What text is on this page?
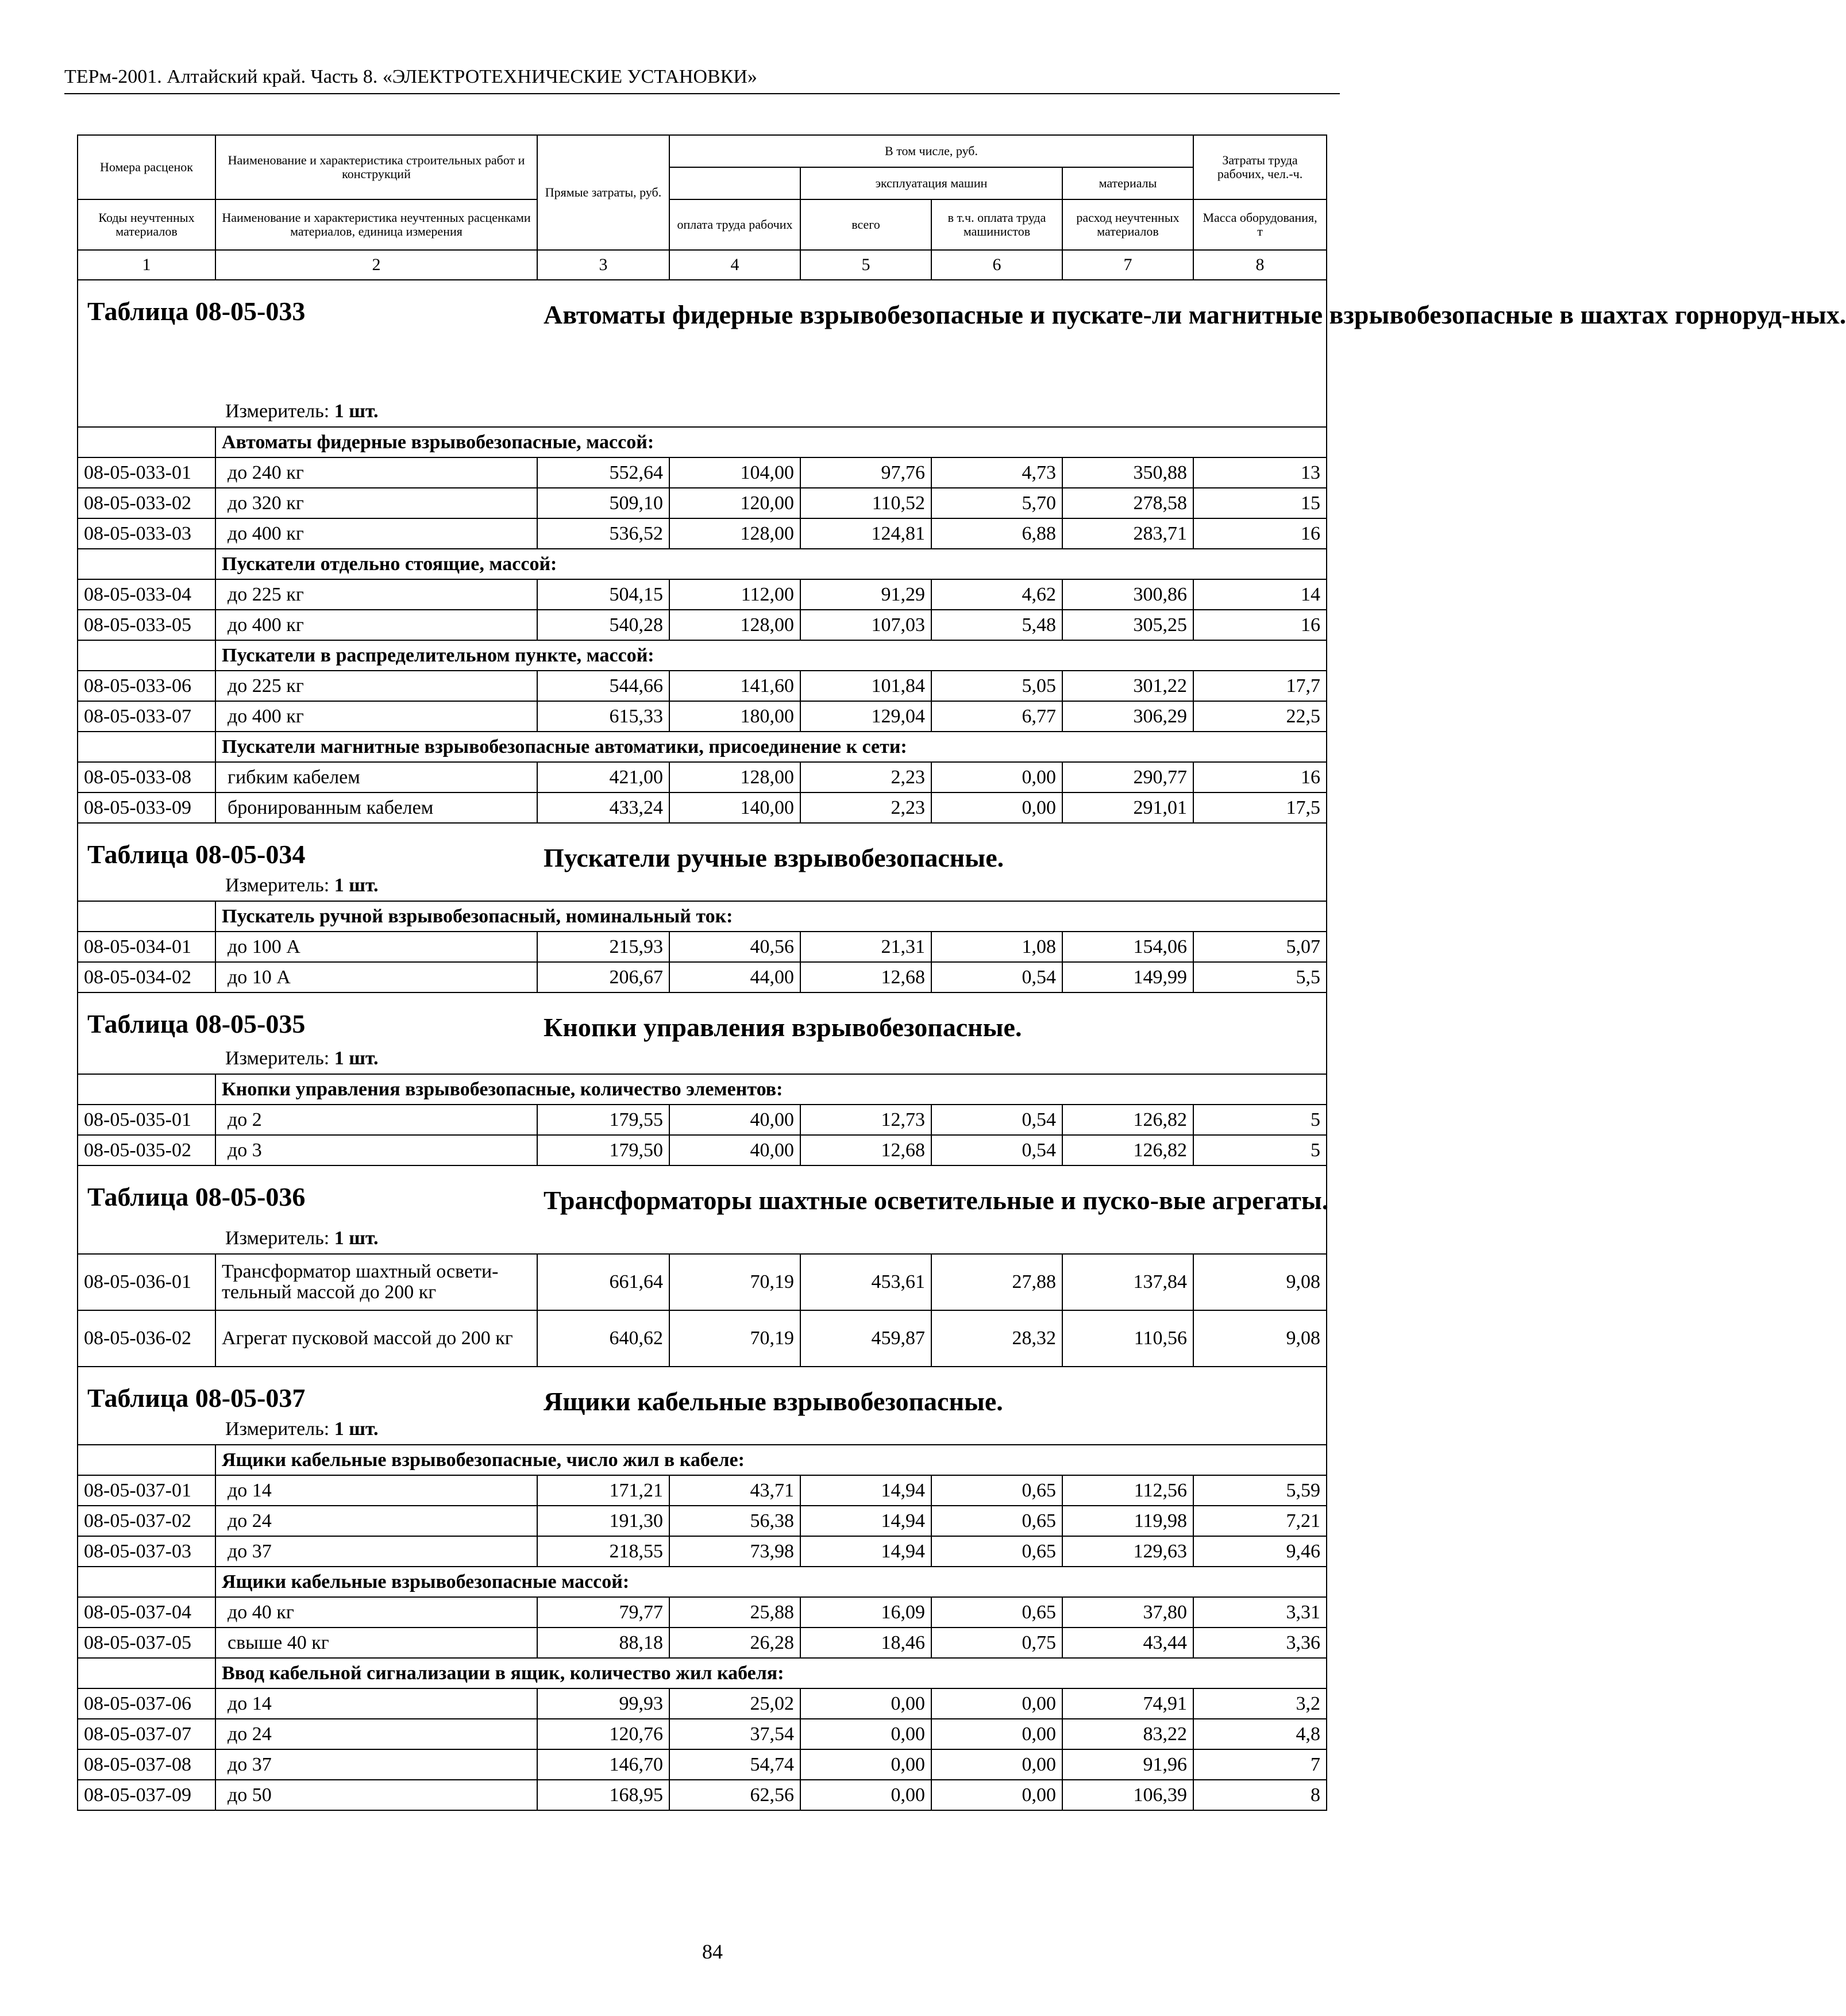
ТЕРм-2001. Алтайский край. Часть 8. «ЭЛЕКТРОТЕХНИЧЕСКИЕ УСТАНОВКИ»
Номера расценок	Наименование и характеристика строительных работ и конструкций	Прямые затраты, руб.	В том числе, руб.				Затраты труда рабочих, чел.-ч.
				эксплуатация машин		материалы	
Коды неучтенных материалов	Наименование и характеристика неучтенных расценками материалов, единица измерения		оплата труда рабочих	всего	в т.ч. оплата труда машинистов	расход неучтенных материалов	Масса оборудования, т
1	2	3	4	5	6	7	8

Таблица 08-05-033 Автоматы фидерные взрывобезопасные и пускате-ли магнитные взрывобезопасные в шахтах горноруд-ных.
Измеритель: 1 шт.							

	Автоматы фидерные взрывобезопасные, массой:						
08-05-033-01	до 240 кг	552,64	104,00	97,76	4,73	350,88	13
08-05-033-02	до 320 кг	509,10	120,00	110,52	5,70	278,58	15
08-05-033-03	до 400 кг	536,52	128,00	124,81	6,88	283,71	16
	Пускатели отдельно стоящие, массой:						
08-05-033-04	до 225 кг	504,15	112,00	91,29	4,62	300,86	14
08-05-033-05	до 400 кг	540,28	128,00	107,03	5,48	305,25	16
	Пускатели в распределительном пункте, массой:						
08-05-033-06	до 225 кг	544,66	141,60	101,84	5,05	301,22	17,7
08-05-033-07	до 400 кг	615,33	180,00	129,04	6,77	306,29	22,5
	Пускатели магнитные взрывобезопасные автоматики, присоединение к сети:						
08-05-033-08	гибким кабелем	421,00	128,00	2,23	0,00	290,77	16
08-05-033-09	бронированным кабелем	433,24	140,00	2,23	0,00	291,01	17,5

Таблица 08-05-034 Пускатели ручные взрывобезопасные.
Измеритель: 1 шт.							

	Пускатель ручной взрывобезопасный, номинальный ток:						
08-05-034-01	до 100 А	215,93	40,56	21,31	1,08	154,06	5,07
08-05-034-02	до 10 А	206,67	44,00	12,68	0,54	149,99	5,5

Таблица 08-05-035 Кнопки управления взрывобезопасные.
Измеритель: 1 шт.							

	Кнопки управления взрывобезопасные, количество элементов:						
08-05-035-01	до 2	179,55	40,00	12,73	0,54	126,82	5
08-05-035-02	до 3	179,50	40,00	12,68	0,54	126,82	5

Таблица 08-05-036 Трансформаторы шахтные осветительные и пуско-вые агрегаты.
Измеритель: 1 шт.							

08-05-036-01	Трансформатор шахтный освети-тельный массой до 200 кг	661,64	70,19	453,61	27,88	137,84	9,08
08-05-036-02	Агрегат пусковой массой до 200 кг	640,62	70,19	459,87	28,32	110,56	9,08

Таблица 08-05-037 Ящики кабельные взрывобезопасные.
Измеритель: 1 шт.							

	Ящики кабельные взрывобезопасные, число жил в кабеле:						
08-05-037-01	до 14	171,21	43,71	14,94	0,65	112,56	5,59
08-05-037-02	до 24	191,30	56,38	14,94	0,65	119,98	7,21
08-05-037-03	до 37	218,55	73,98	14,94	0,65	129,63	9,46
	Ящики кабельные взрывобезопасные массой:						
08-05-037-04	до 40 кг	79,77	25,88	16,09	0,65	37,80	3,31
08-05-037-05	свыше 40 кг	88,18	26,28	18,46	0,75	43,44	3,36
	Ввод кабельной сигнализации в ящик, количество жил кабеля:						
08-05-037-06	до 14	99,93	25,02	0,00	0,00	74,91	3,2
08-05-037-07	до 24	120,76	37,54	0,00	0,00	83,22	4,8
08-05-037-08	до 37	146,70	54,74	0,00	0,00	91,96	7
08-05-037-09	до 50	168,95	62,56	0,00	0,00	106,39	8
84
